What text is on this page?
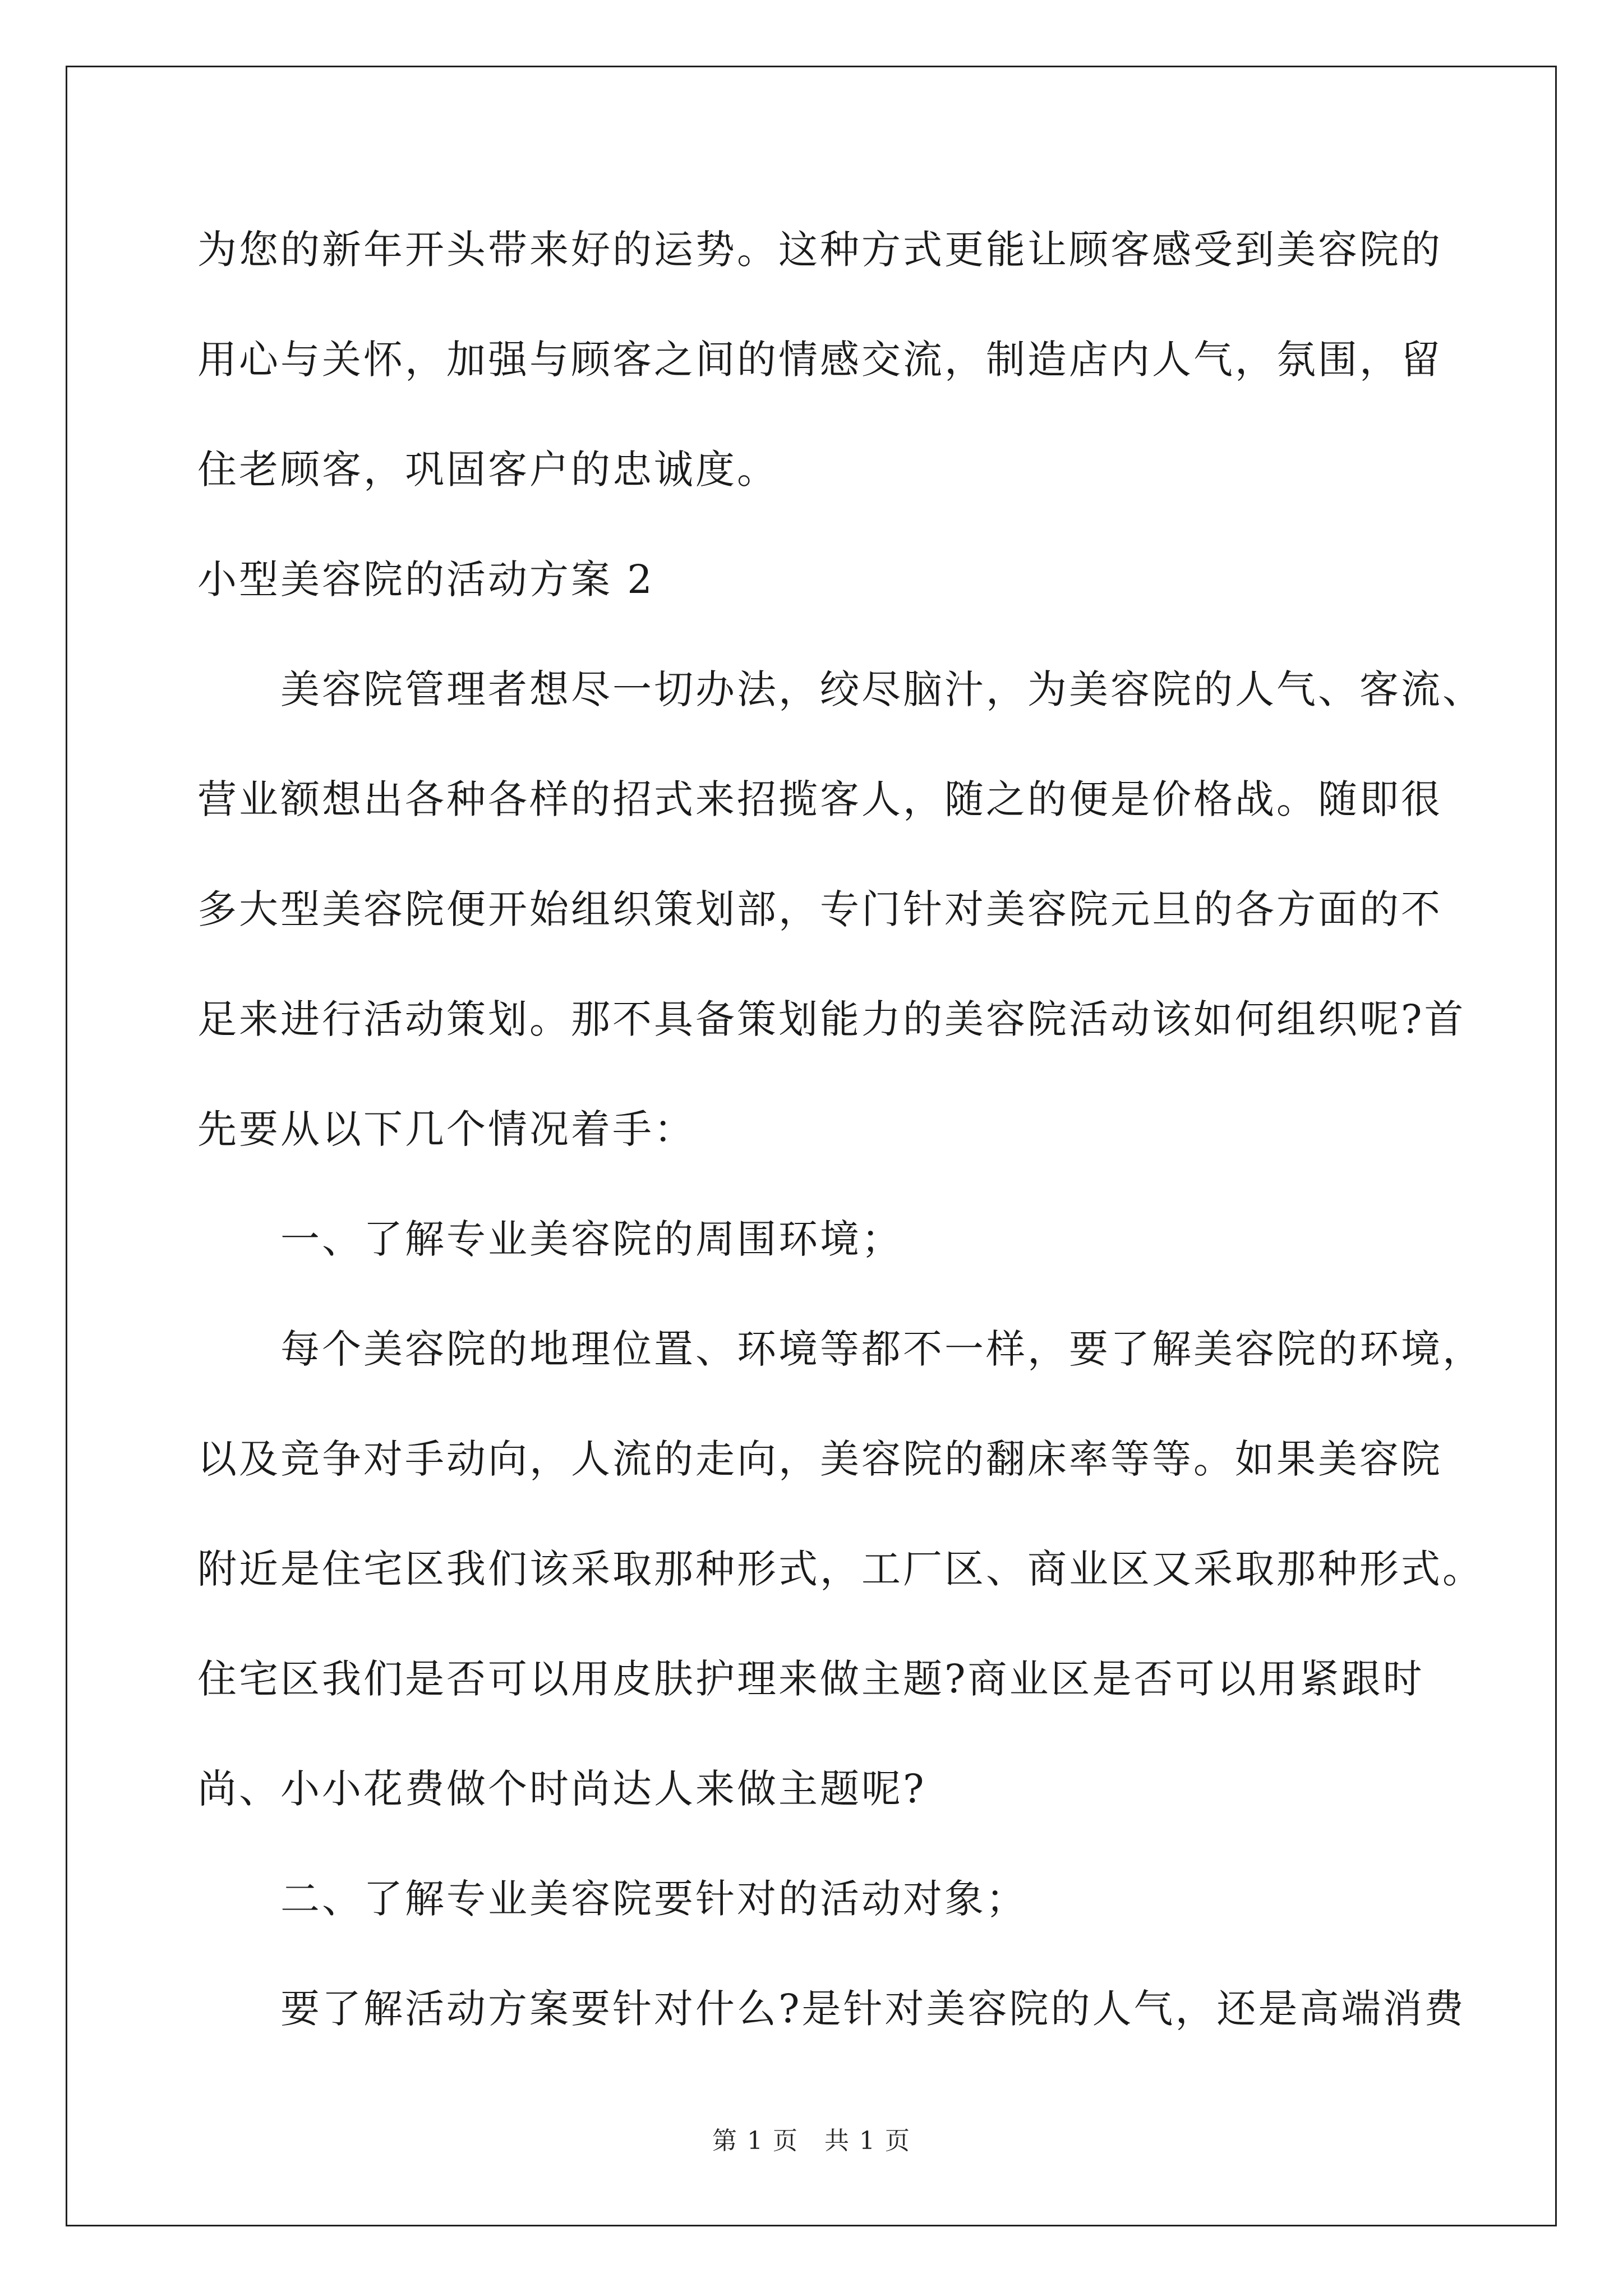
为您的新年开头带来好的运势。这种方式更能让顾客感受到美容院的
用心与关怀，加强与顾客之间的情感交流，制造店内人气，氛围，留
住老顾客，巩固客户的忠诚度。
小型美容院的活动方案 2
　　美容院管理者想尽一切办法，绞尽脑汁，为美容院的人气、客流、
营业额想出各种各样的招式来招揽客人，随之的便是价格战。随即很
多大型美容院便开始组织策划部，专门针对美容院元旦的各方面的不
足来进行活动策划。那不具备策划能力的美容院活动该如何组织呢?首
先要从以下几个情况着手：
　　一、了解专业美容院的周围环境；
　　每个美容院的地理位置、环境等都不一样，要了解美容院的环境，
以及竞争对手动向，人流的走向，美容院的翻床率等等。如果美容院
附近是住宅区我们该采取那种形式，工厂区、商业区又采取那种形式。
住宅区我们是否可以用皮肤护理来做主题?商业区是否可以用紧跟时
尚、小小花费做个时尚达人来做主题呢?
　　二、了解专业美容院要针对的活动对象；
　　要了解活动方案要针对什么?是针对美容院的人气，还是高端消费
第 1 页　共 1 页
